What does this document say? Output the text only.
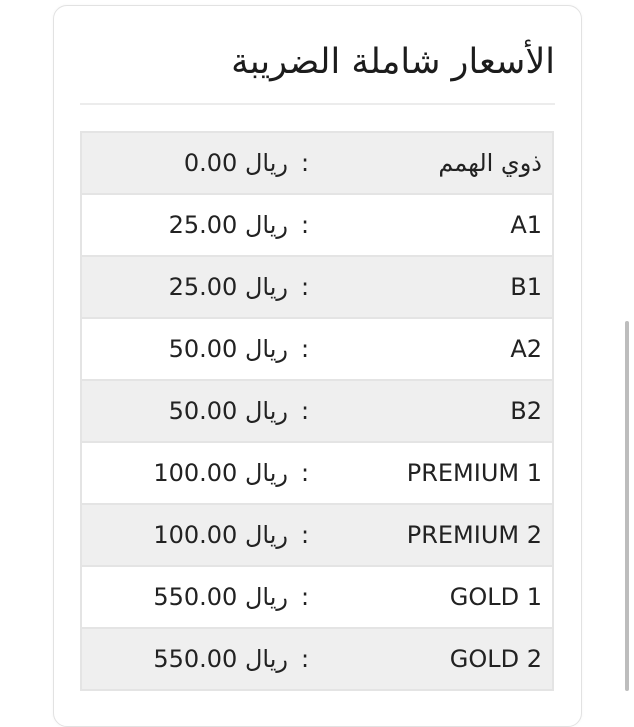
الأسعار شاملة الضريبة
ذوي الهمم	:	ريال 0.00
A1	:	ريال 25.00
B1	:	ريال 25.00
A2	:	ريال 50.00
B2	:	ريال 50.00
PREMIUM 1	:	ريال 100.00
PREMIUM 2	:	ريال 100.00
GOLD 1	:	ريال 550.00
GOLD 2	:	ريال 550.00
